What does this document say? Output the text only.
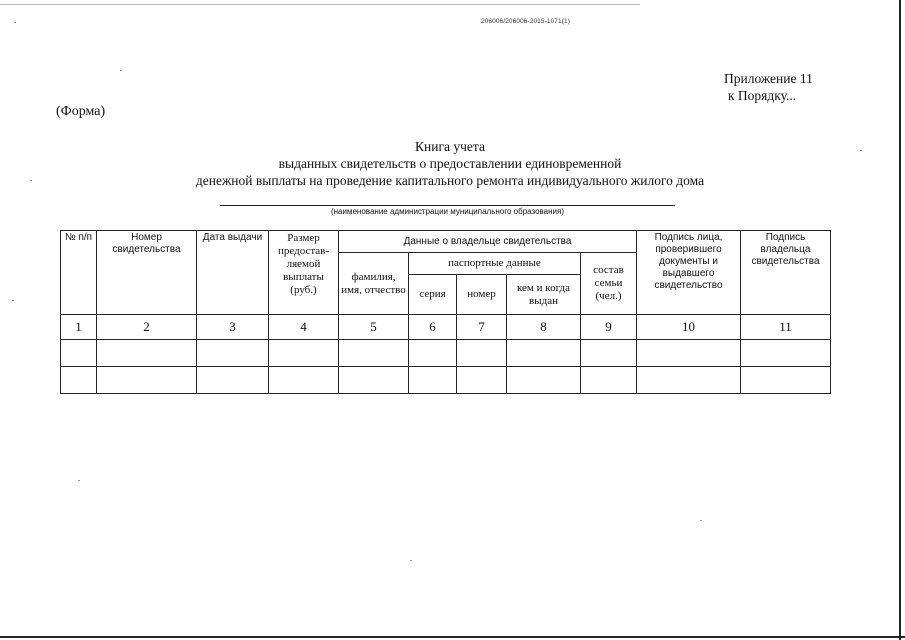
206006/206006-2015-1071(1)
Приложение 11
к Порядку...
(Форма)
Книга учета
выданных свидетельств о предоставлении единовременной
денежной выплаты на проведение капитального ремонта индивидуального жилого дома
(наименование администрации муниципального образования)
№ п/п	Номер свидетельства	Дата выдачи	Размер предостав-ляемой выплаты (руб.)	Данные о владельце свидетельства					Подпись лица, проверившего документы и выдавшего свидетельство	Подпись владельца свидетельства
				фамилия, имя, отчество	паспортные данные			состав семьи (чел.)		
					серия	номер	кем и когда выдан			
1	2	3	4	5	6	7	8	9	10	11
